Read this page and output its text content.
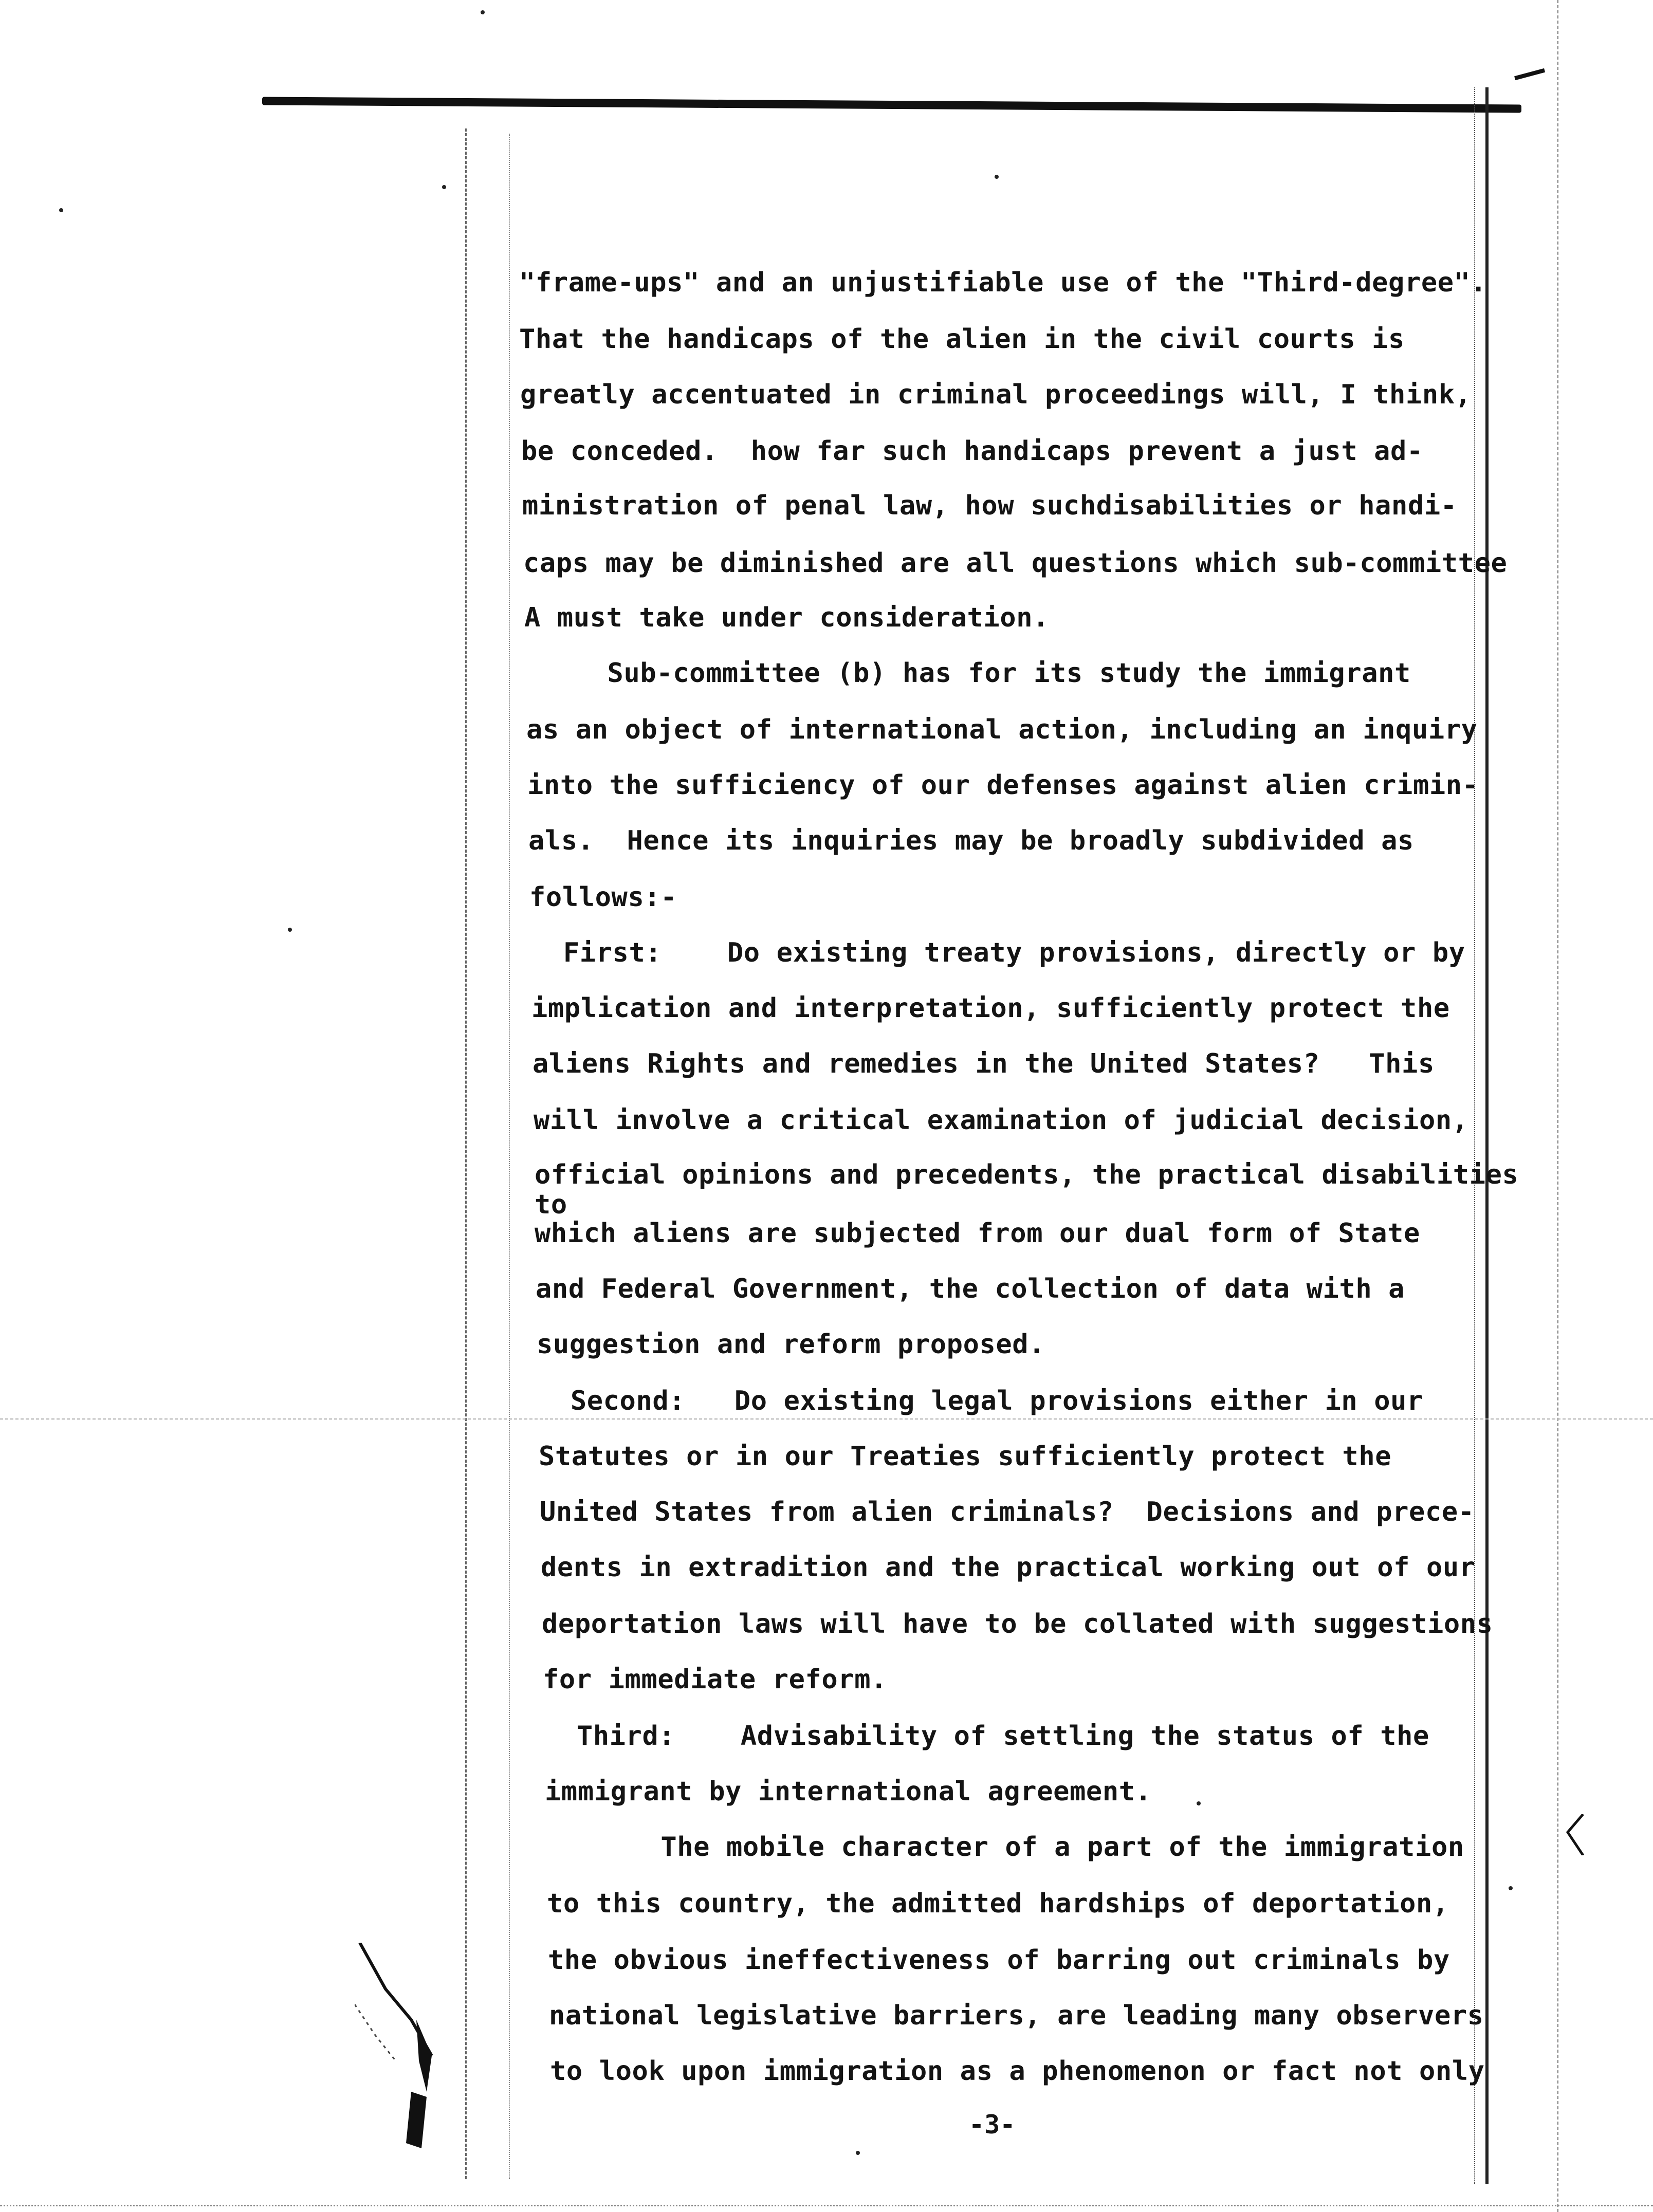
"frame-ups" and an unjustifiable use of the "Third-degree".
That the handicaps of the alien in the civil courts is
greatly accentuated in criminal proceedings will, I think,
be conceded.  how far such handicaps prevent a just ad-
ministration of penal law, how suchdisabilities or handi-
caps may be diminished are all questions which sub-committee
A must take under consideration.
Sub-committee (b) has for its study the immigrant
as an object of international action, including an inquiry
into the sufficiency of our defenses against alien crimin-
als.  Hence its inquiries may be broadly subdivided as
follows:-
First:    Do existing treaty provisions, directly or by
implication and interpretation, sufficiently protect the
aliens Rights and remedies in the United States?   This
will involve a critical examination of judicial decision,
official opinions and precedents, the practical disabilities
to
which aliens are subjected from our dual form of State
and Federal Government, the collection of data with a
suggestion and reform proposed.
Second:   Do existing legal provisions either in our
Statutes or in our Treaties sufficiently protect the
United States from alien criminals?  Decisions and prece-
dents in extradition and the practical working out of our
deportation laws will have to be collated with suggestions
for immediate reform.
Third:    Advisability of settling the status of the
immigrant by international agreement.
The mobile character of a part of the immigration
to this country, the admitted hardships of deportation,
the obvious ineffectiveness of barring out criminals by
national legislative barriers, are leading many observers
to look upon immigration as a phenomenon or fact not only
-3-
